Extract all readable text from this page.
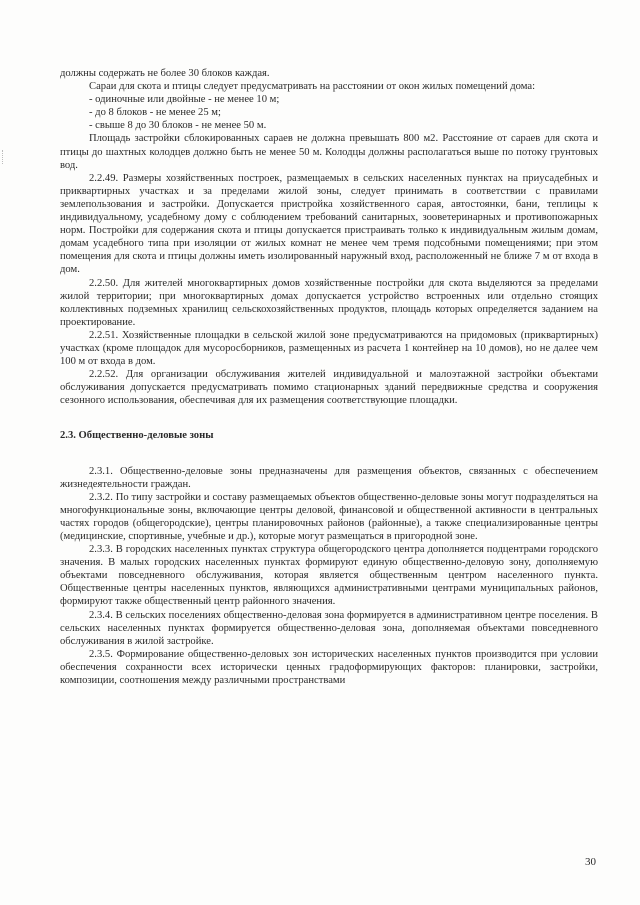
должны содержать не более 30 блоков каждая.

Сараи для скота и птицы следует предусматривать на расстоянии от окон жилых помещений дома:

- одиночные или двойные - не менее 10 м;

- до 8 блоков - не менее 25 м;

- свыше 8 до 30 блоков - не менее 50 м.

Площадь застройки сблокированных сараев не должна превышать 800 м2. Расстояние от сараев для скота и птицы до шахтных колодцев должно быть не менее 50 м. Колодцы должны располагаться выше по потоку грунтовых вод.

2.2.49. Размеры хозяйственных построек, размещаемых в сельских населенных пунктах на приусадебных и приквартирных участках и за пределами жилой зоны, следует принимать в соответствии с правилами землепользования и застройки. Допускается пристройка хозяйственного сарая, автостоянки, бани, теплицы к индивидуальному, усадебному дому с соблюдением требований санитарных, зооветеринарных и противопожарных норм. Постройки для содержания скота и птицы допускается пристраивать только к индивидуальным жилым домам, домам усадебного типа при изоляции от жилых комнат не менее чем тремя подсобными помещениями; при этом помещения для скота и птицы должны иметь изолированный наружный вход, расположенный не ближе 7 м от входа в дом.

2.2.50. Для жителей многоквартирных домов хозяйственные постройки для скота выделяются за пределами жилой территории; при многоквартирных домах допускается устройство встроенных или отдельно стоящих коллективных подземных хранилищ сельскохозяйственных продуктов, площадь которых определяется заданием на проектирование.

2.2.51. Хозяйственные площадки в сельской жилой зоне предусматриваются на придомовых (приквартирных) участках (кроме площадок для мусоросборников, размещенных из расчета 1 контейнер на 10 домов), но не далее чем 100 м от входа в дом.

2.2.52. Для организации обслуживания жителей индивидуальной и малоэтажной застройки объектами обслуживания допускается предусматривать помимо стационарных зданий передвижные средства и сооружения сезонного использования, обеспечивая для их размещения соответствующие площадки.

2.3. Общественно-деловые зоны

2.3.1. Общественно-деловые зоны предназначены для размещения объектов, связанных с обеспечением жизнедеятельности граждан.

2.3.2. По типу застройки и составу размещаемых объектов общественно-деловые зоны могут подразделяться на многофункциональные зоны, включающие центры деловой, финансовой и общественной активности в центральных частях городов (общегородские), центры планировочных районов (районные), а также специализированные центры (медицинские, спортивные, учебные и др.), которые могут размещаться в пригородной зоне.

2.3.3. В городских населенных пунктах структура общегородского центра дополняется подцентрами городского значения. В малых городских населенных пунктах формируют единую общественно-деловую зону, дополняемую объектами повседневного обслуживания, которая является общественным центром населенного пункта. Общественные центры населенных пунктов, являющихся административными центрами муниципальных районов, формируют также общественный центр районного значения.

2.3.4. В сельских поселениях общественно-деловая зона формируется в административном центре поселения. В сельских населенных пунктах формируется общественно-деловая зона, дополняемая объектами повседневного обслуживания в жилой застройке.

2.3.5. Формирование общественно-деловых зон исторических населенных пунктов производится при условии обеспечения сохранности всех исторически ценных градоформирующих факторов: планировки, застройки, композиции, соотношения между различными пространствами

30
